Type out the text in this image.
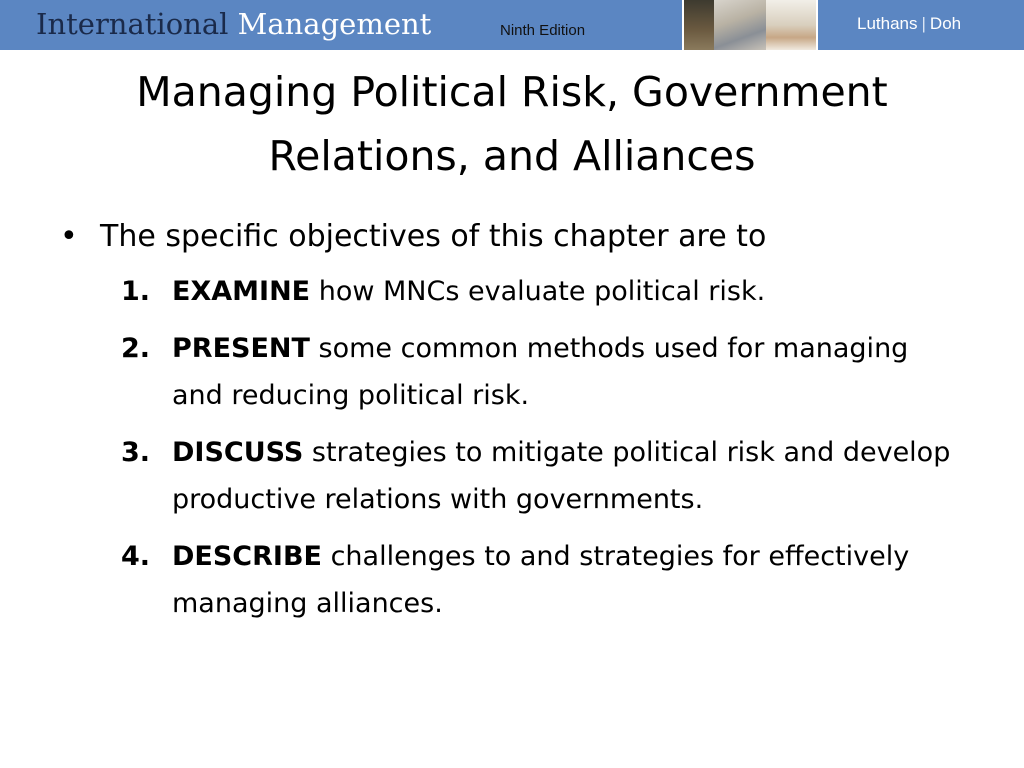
International Management	Ninth Edition	Luthans | Doh
Managing Political Risk, Government Relations, and Alliances
• The specific objectives of this chapter are to
1. EXAMINE how MNCs evaluate political risk.
2. PRESENT some common methods used for managing and reducing political risk.
3. DISCUSS strategies to mitigate political risk and develop productive relations with governments.
4. DESCRIBE challenges to and strategies for effectively managing alliances.
